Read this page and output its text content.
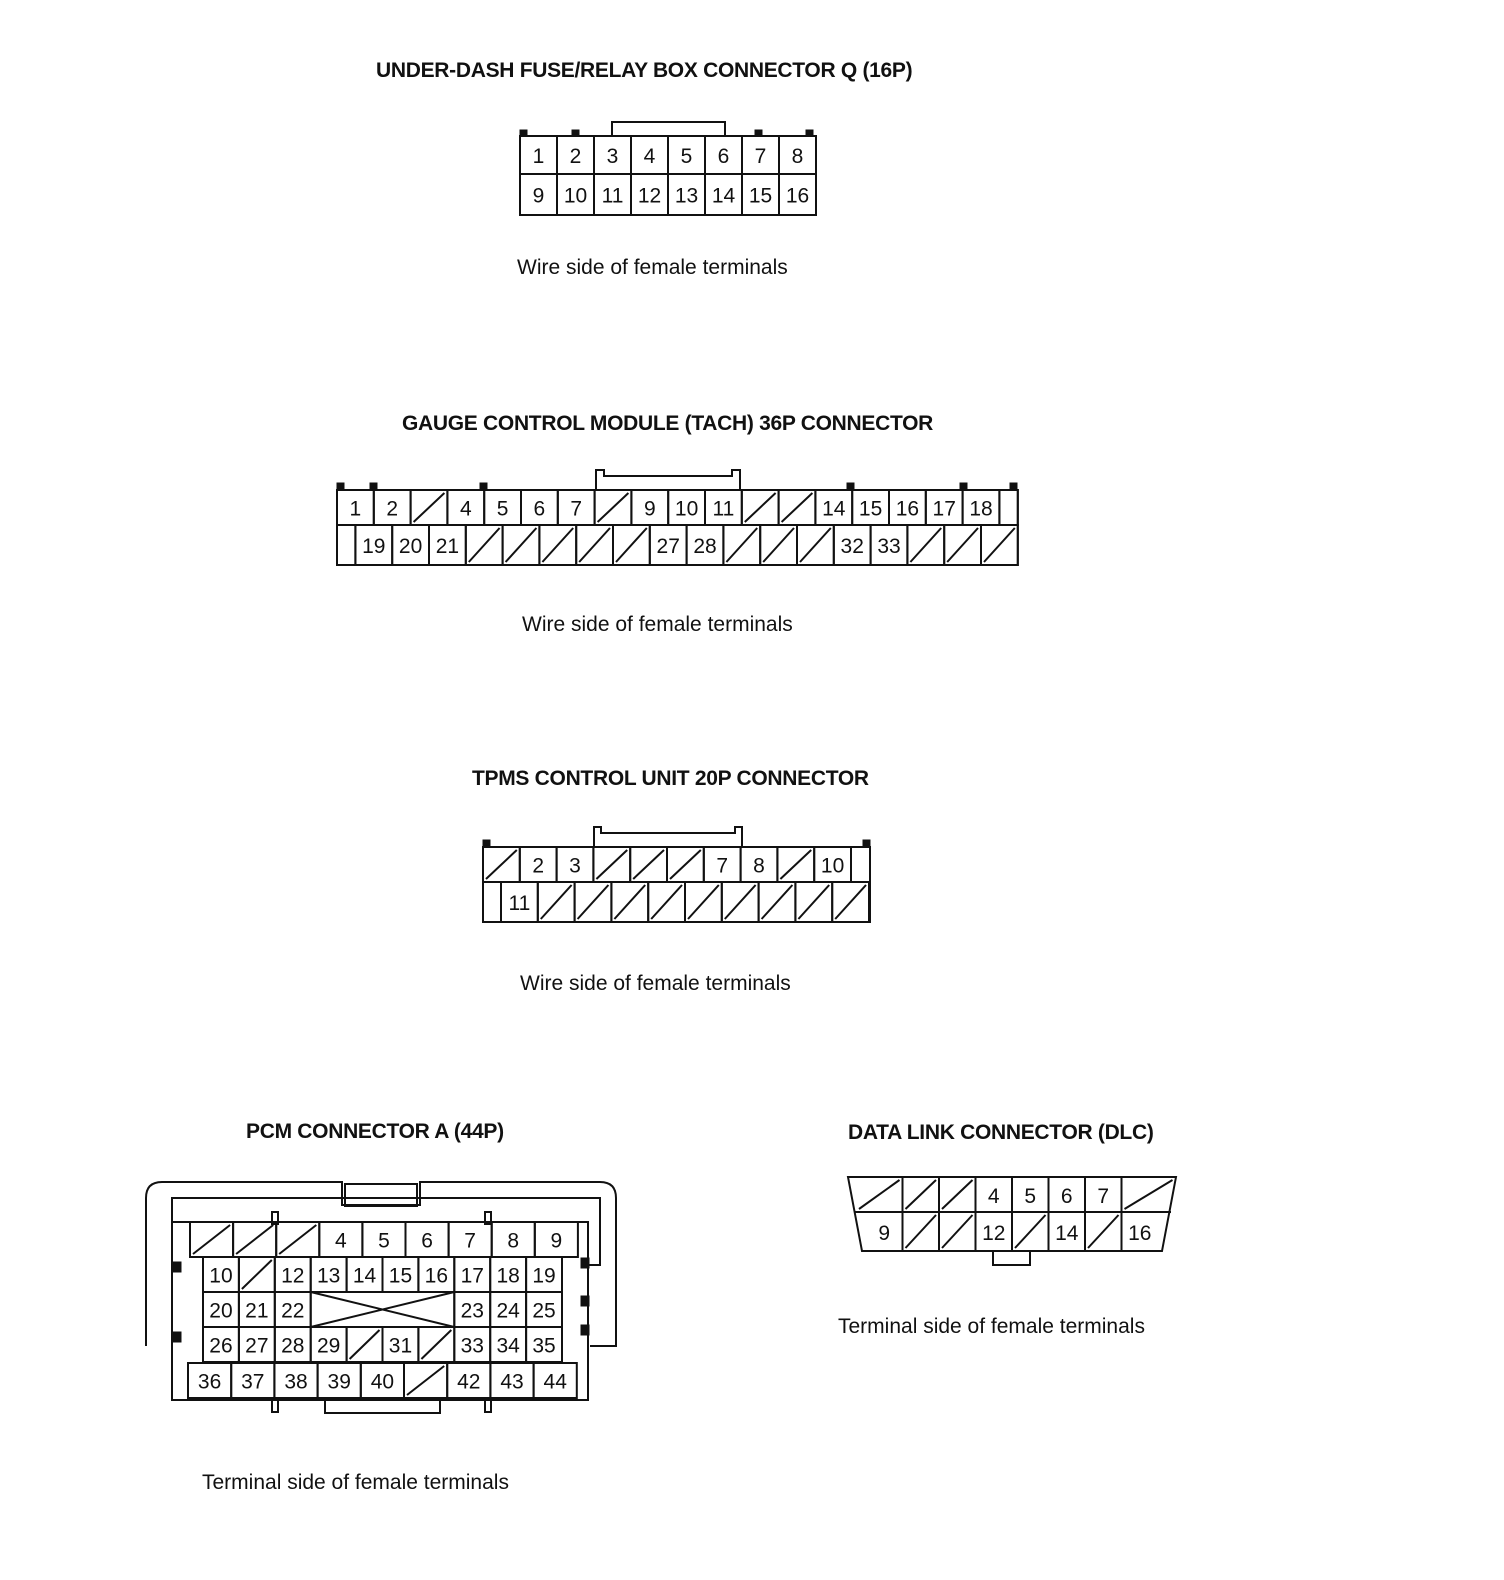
UNDER-DASH FUSE/RELAY BOX CONNECTOR Q (16P)
1 2 3 4 5 6 7 8
9 10 11 12 13 14 15 16
Wire side of female terminals
GAUGE CONTROL MODULE (TACH) 36P CONNECTOR
1 2	4 5 6 7	9 10 11	14 15 16 17 18
19 20 21	27 28	32 33
Wire side of female terminals
TPMS CONTROL UNIT 20P CONNECTOR
2 3	7 8	10
11
Wire side of female terminals
PCM CONNECTOR A (44P)
4 5 6 7 8 9
10 12 13 14 15 16 17 18 19
20 21 22	23 24 25
26 27 28 29 31 33 34 35
36 37 38 39 40	42 43 44
Terminal side of female terminals
DATA LINK CONNECTOR (DLC)
4 5 6 7
9	12 14 16
Terminal side of female terminals
